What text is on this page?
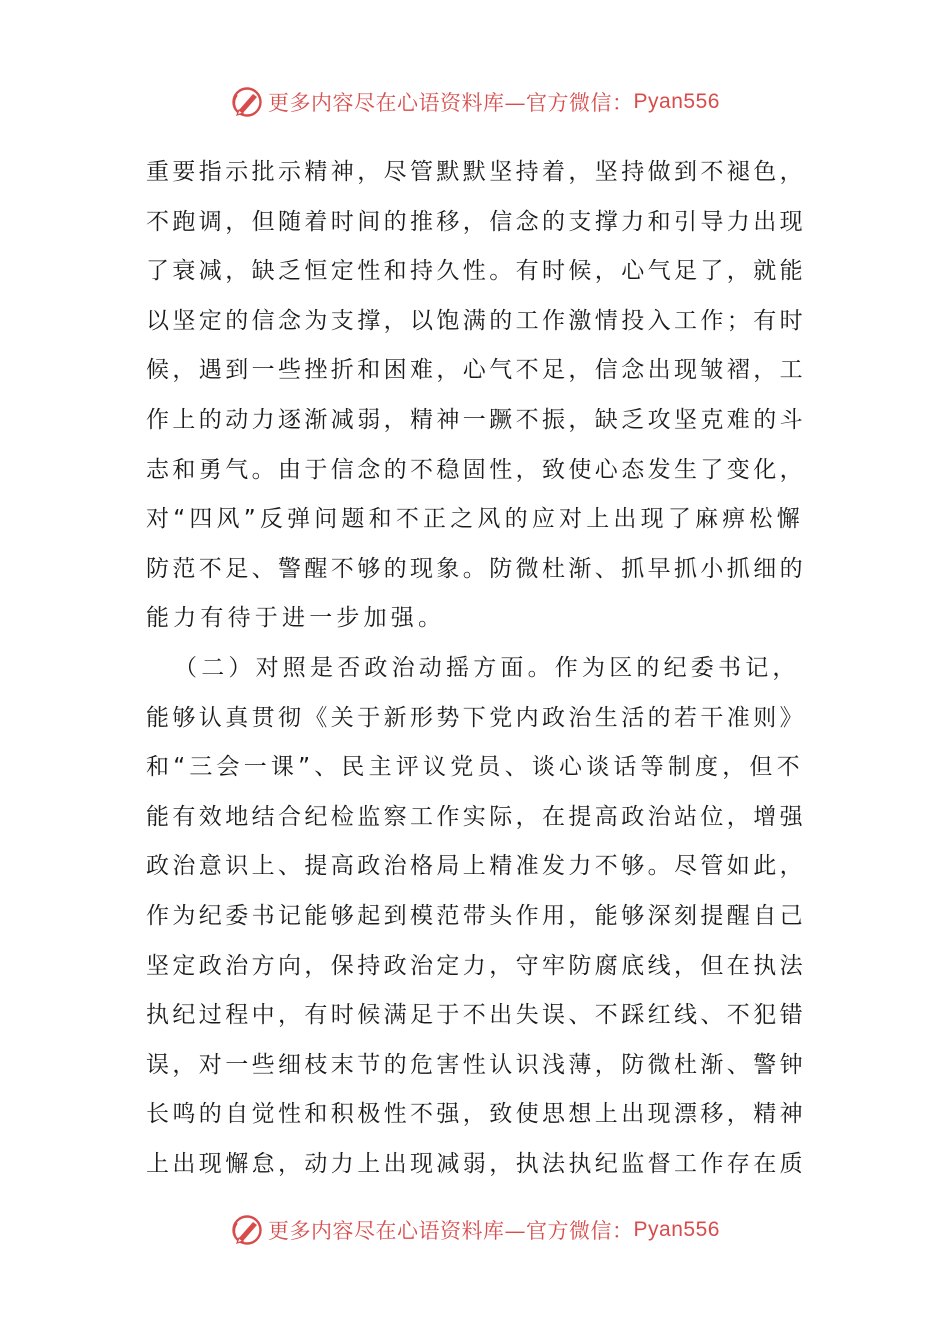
更多内容尽在心语资料库—官方微信： Pyan556

重要指示批示精神，尽管默默坚持着，坚持做到不褪色，
不跑调，但随着时间的推移，信念的支撑力和引导力出现
了衰减，缺乏恒定性和持久性。有时候，心气足了，就能
以坚定的信念为支撑，以饱满的工作激情投入工作；有时
候，遇到一些挫折和困难，心气不足，信念出现皱褶，工
作上的动力逐渐减弱，精神一蹶不振，缺乏攻坚克难的斗
志和勇气。由于信念的不稳固性，致使心态发生了变化，
对“四风”反弹问题和不正之风的应对上出现了麻痹松懈
防范不足、警醒不够的现象。防微杜渐、抓早抓小抓细的
能力有待于进一步加强。

（二）对照是否政治动摇方面。作为区的纪委书记，
能够认真贯彻《关于新形势下党内政治生活的若干准则》
和“三会一课”、民主评议党员、谈心谈话等制度，但不
能有效地结合纪检监察工作实际，在提高政治站位，增强
政治意识上、提高政治格局上精准发力不够。尽管如此，
作为纪委书记能够起到模范带头作用，能够深刻提醒自己
坚定政治方向，保持政治定力，守牢防腐底线，但在执法
执纪过程中，有时候满足于不出失误、不踩红线、不犯错
误，对一些细枝末节的危害性认识浅薄，防微杜渐、警钟
长鸣的自觉性和积极性不强，致使思想上出现漂移，精神
上出现懈怠，动力上出现减弱，执法执纪监督工作存在质

更多内容尽在心语资料库—官方微信： Pyan556
